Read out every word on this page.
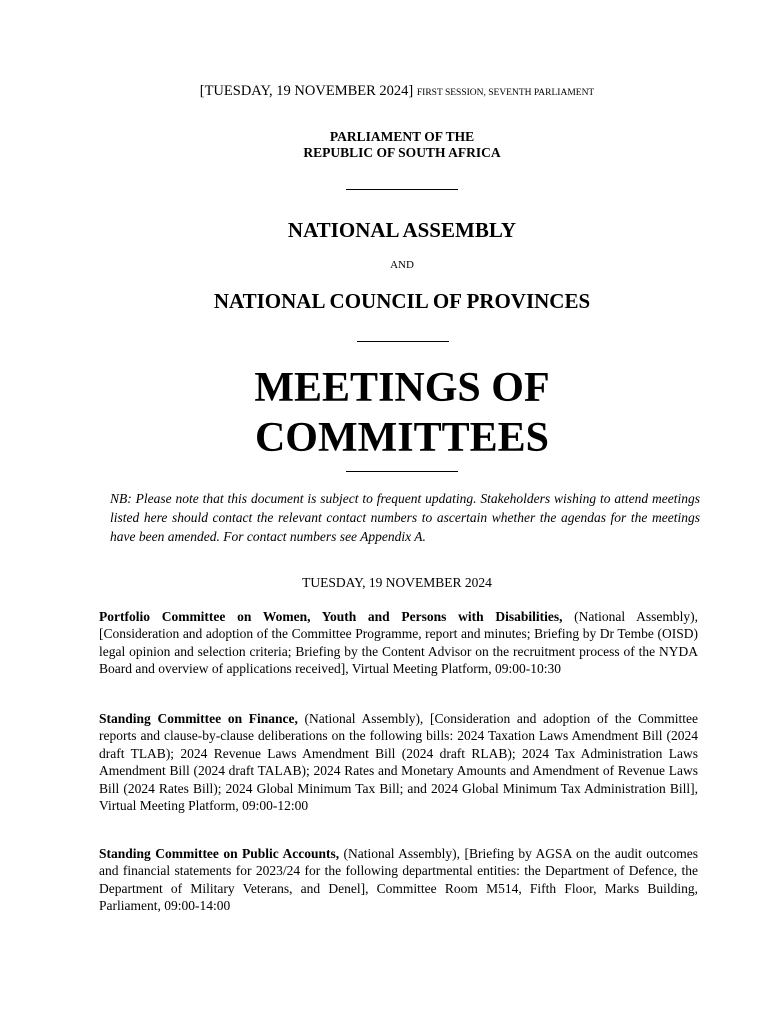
[TUESDAY, 19 NOVEMBER 2024] FIRST SESSION, SEVENTH PARLIAMENT
PARLIAMENT OF THE
REPUBLIC OF SOUTH AFRICA
NATIONAL ASSEMBLY
AND
NATIONAL COUNCIL OF PROVINCES
MEETINGS OF
COMMITTEES
NB: Please note that this document is subject to frequent updating. Stakeholders wishing to attend meetings listed here should contact the relevant contact numbers to ascertain whether the agendas for the meetings have been amended. For contact numbers see Appendix A.
TUESDAY, 19 NOVEMBER 2024
Portfolio Committee on Women, Youth and Persons with Disabilities, (National Assembly), [Consideration and adoption of the Committee Programme, report and minutes; Briefing by Dr Tembe (OISD) legal opinion and selection criteria; Briefing by the Content Advisor on the recruitment process of the NYDA Board and overview of applications received], Virtual Meeting Platform, 09:00-10:30
Standing Committee on Finance, (National Assembly), [Consideration and adoption of the Committee reports and clause-by-clause deliberations on the following bills: 2024 Taxation Laws Amendment Bill (2024 draft TLAB); 2024 Revenue Laws Amendment Bill (2024 draft RLAB); 2024 Tax Administration Laws Amendment Bill (2024 draft TALAB); 2024 Rates and Monetary Amounts and Amendment of Revenue Laws Bill (2024 Rates Bill); 2024 Global Minimum Tax Bill; and 2024 Global Minimum Tax Administration Bill], Virtual Meeting Platform, 09:00-12:00
Standing Committee on Public Accounts, (National Assembly), [Briefing by AGSA on the audit outcomes and financial statements for 2023/24 for the following departmental entities: the Department of Defence, the Department of Military Veterans, and Denel], Committee Room M514, Fifth Floor, Marks Building, Parliament, 09:00-14:00
